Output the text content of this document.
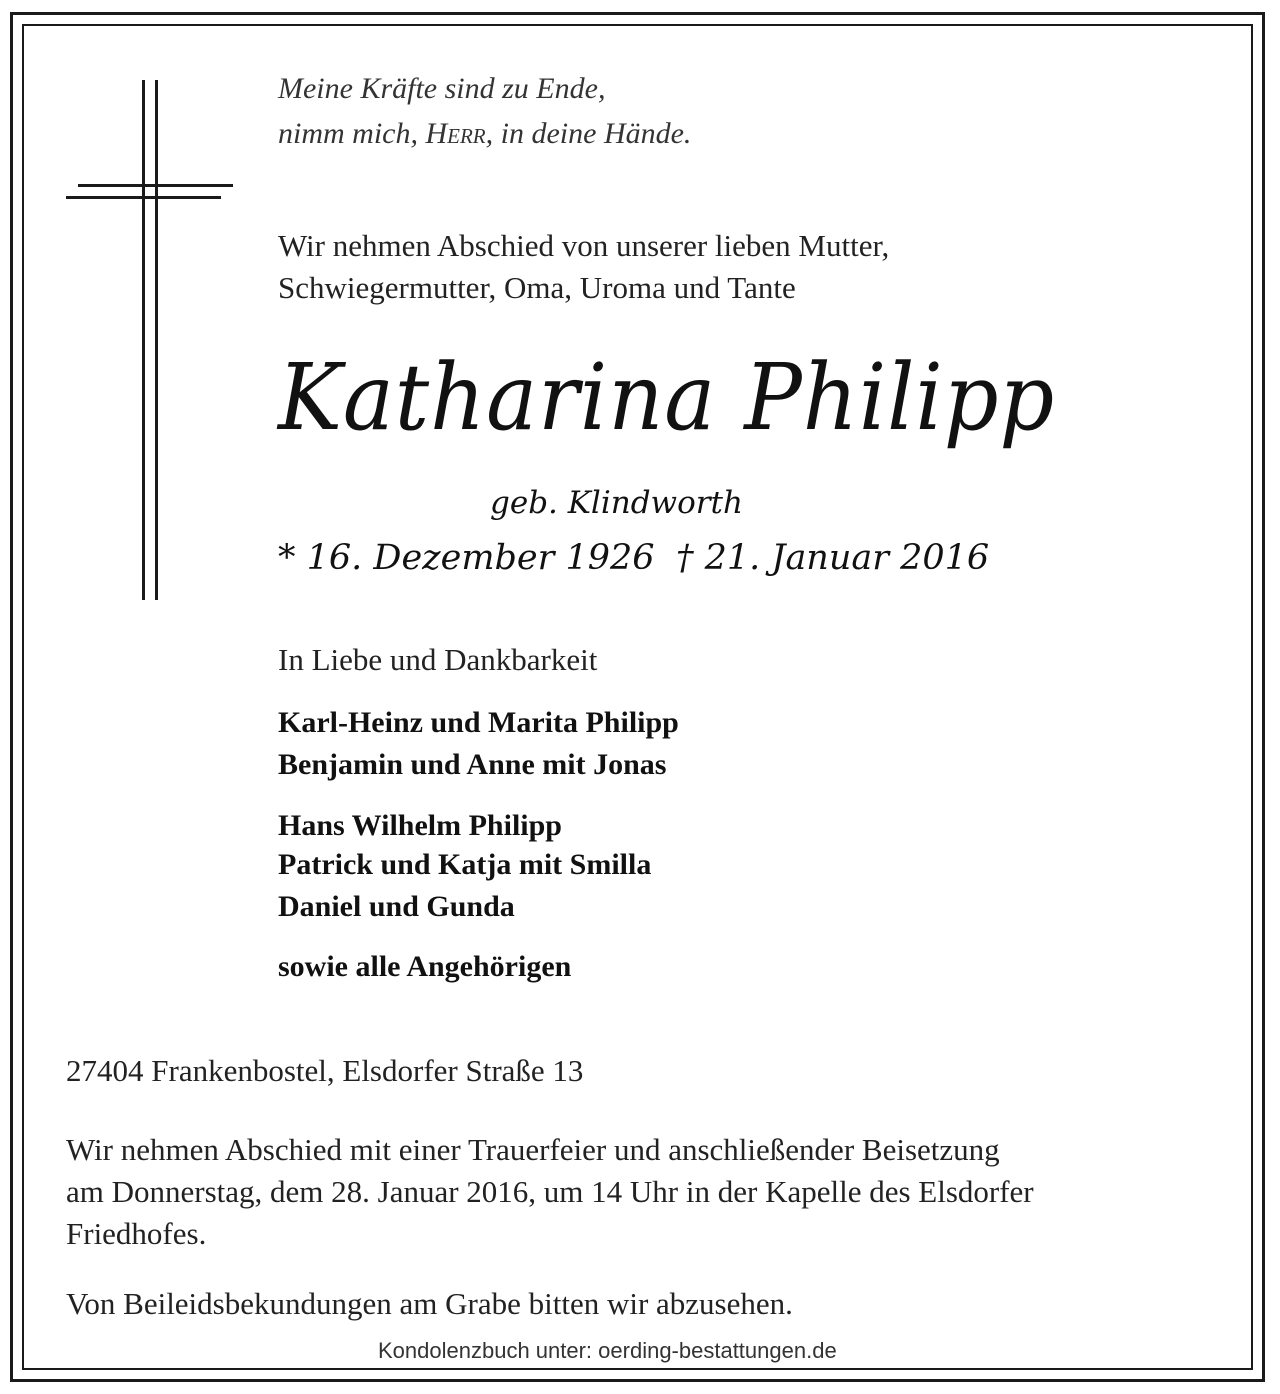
Meine Kräfte sind zu Ende,
nimm mich, Herr, in deine Hände.
Wir nehmen Abschied von unserer lieben Mutter,
Schwiegermutter, Oma, Uroma und Tante
Katharina Philipp
geb. Klindworth
* 16. Dezember 1926 † 21. Januar 2016
In Liebe und Dankbarkeit
Karl-Heinz und Marita Philipp
Benjamin und Anne mit Jonas
Hans Wilhelm Philipp
Patrick und Katja mit Smilla
Daniel und Gunda
sowie alle Angehörigen
27404 Frankenbostel, Elsdorfer Straße 13
Wir nehmen Abschied mit einer Trauerfeier und anschließender Beisetzung
am Donnerstag, dem 28. Januar 2016, um 14 Uhr in der Kapelle des Elsdorfer
Friedhofes.
Von Beileidsbekundungen am Grabe bitten wir abzusehen.
Kondolenzbuch unter: oerding-bestattungen.de
